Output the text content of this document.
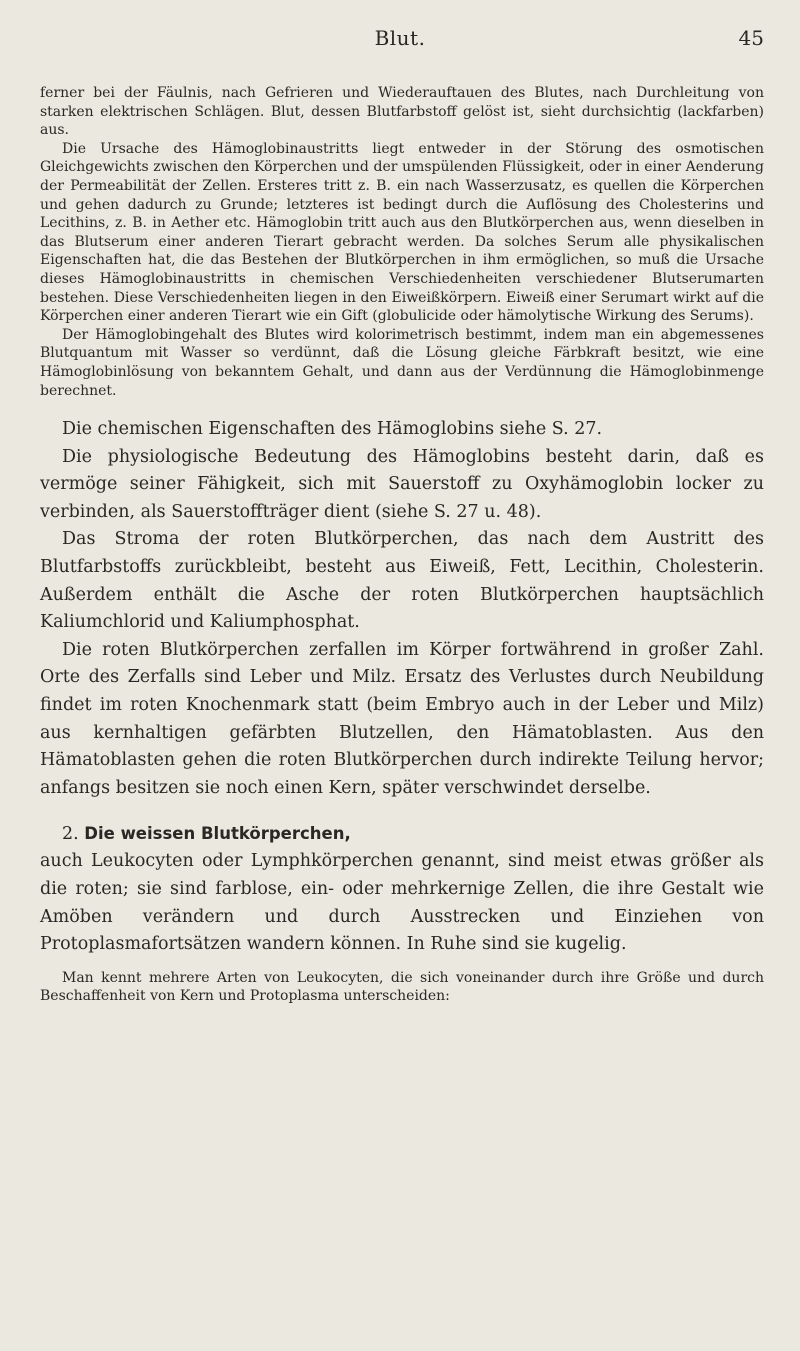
Blut.	45

ferner bei der Fäulnis, nach Gefrieren und Wiederauftauen des Blutes, nach Durchleitung von starken elektrischen Schlägen. Blut, dessen Blutfarbstoff gelöst ist, sieht durchsichtig (lackfarben) aus.

Die Ursache des Hämoglobinaustritts liegt entweder in der Störung des osmotischen Gleichgewichts zwischen den Körperchen und der umspülenden Flüssigkeit, oder in einer Aenderung der Permeabilität der Zellen. Ersteres tritt z. B. ein nach Wasserzusatz, es quellen die Körperchen und gehen dadurch zu Grunde; letzteres ist bedingt durch die Auflösung des Cholesterins und Lecithins, z. B. in Aether etc. Hämoglobin tritt auch aus den Blutkörperchen aus, wenn dieselben in das Blutserum einer anderen Tierart gebracht werden. Da solches Serum alle physikalischen Eigenschaften hat, die das Bestehen der Blutkörperchen in ihm ermöglichen, so muß die Ursache dieses Hämoglobinaustritts in chemischen Verschiedenheiten verschiedener Blutserumarten bestehen. Diese Verschiedenheiten liegen in den Eiweißkörpern. Eiweiß einer Serumart wirkt auf die Körperchen einer anderen Tierart wie ein Gift (globulicide oder hämolytische Wirkung des Serums).

Der Hämoglobingehalt des Blutes wird kolorimetrisch bestimmt, indem man ein abgemessenes Blutquantum mit Wasser so verdünnt, daß die Lösung gleiche Färbkraft besitzt, wie eine Hämoglobinlösung von bekanntem Gehalt, und dann aus der Verdünnung die Hämoglobinmenge berechnet.

Die chemischen Eigenschaften des Hämoglobins siehe S. 27.

Die physiologische Bedeutung des Hämoglobins besteht darin, daß es vermöge seiner Fähigkeit, sich mit Sauerstoff zu Oxyhämoglobin locker zu verbinden, als Sauerstoffträger dient (siehe S. 27 u. 48).

Das Stroma der roten Blutkörperchen, das nach dem Austritt des Blutfarbstoffs zurückbleibt, besteht aus Eiweiß, Fett, Lecithin, Cholesterin. Außerdem enthält die Asche der roten Blutkörperchen hauptsächlich Kaliumchlorid und Kaliumphosphat.

Die roten Blutkörperchen zerfallen im Körper fortwährend in großer Zahl. Orte des Zerfalls sind Leber und Milz. Ersatz des Verlustes durch Neubildung findet im roten Knochenmark statt (beim Embryo auch in der Leber und Milz) aus kernhaltigen gefärbten Blutzellen, den Hämatoblasten. Aus den Hämatoblasten gehen die roten Blutkörperchen durch indirekte Teilung hervor; anfangs besitzen sie noch einen Kern, später verschwindet derselbe.

2. Die weissen Blutkörperchen,

auch Leukocyten oder Lymphkörperchen genannt, sind meist etwas größer als die roten; sie sind farblose, ein- oder mehrkernige Zellen, die ihre Gestalt wie Amöben verändern und durch Ausstrecken und Einziehen von Protoplasmafortsätzen wandern können. In Ruhe sind sie kugelig.

Man kennt mehrere Arten von Leukocyten, die sich voneinander durch ihre Größe und durch Beschaffenheit von Kern und Protoplasma unterscheiden:
